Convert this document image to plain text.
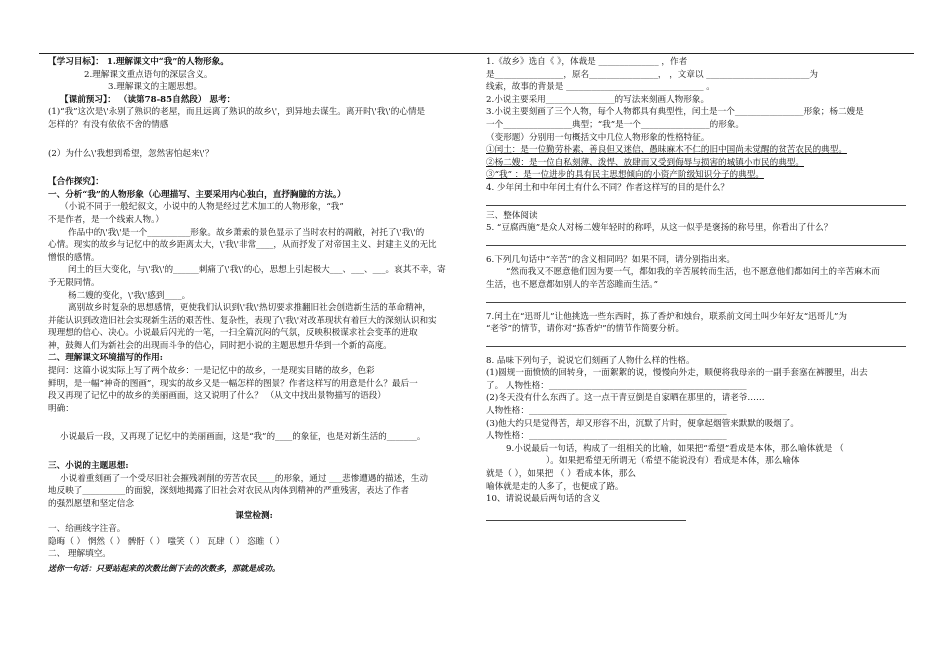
【学习目标】： 1.理解课文中“我”的人物形象。
2.理解课文重点语句的深层含义。
3.理解课文的主题思想。
【课前预习】： （读第78-85自然段） 思考：
(1)“我”这次是\'永别了熟识的老屋，而且远离了熟识的故乡\'，到异地去谋生。离开时\'我\'的心情是
怎样的？有没有依依不舍的情感
(2）为什么\'我想到希望，忽然害怕起来\'？
【合作探究】：
一、分析“我”的人物形象（心理描写、主要采用内心独白，直抒胸臆的方法。）
（小说不同于一般纪叙文，小说中的人物是经过艺术加工的人物形象，“我”
不是作者，是一个线索人物。）
作品中的\'我\'是一个__________形象。故乡萧索的景色显示了当时农村的凋敝，衬托了\'我\'的
心情。现实的故乡与记忆中的故乡距离太大，\'我\'非常____，从而抒发了对帝国主义、封建主义的无比
憎恨的感情。
闰土的巨大变化，与\'我\'的______刺痛了\'我\'的心，思想上引起极大___、___、___。哀其不幸，寄
予无限同情。
杨二嫂的变化，\'我\'感到____。
离别故乡时复杂的思想感情，更使我们认识到\'我\'热切要求推翻旧社会创造新生活的革命精神，
并能认识到改造旧社会实现新生活的艰苦性、复杂性，表现了\'我\'对改革现状有着巨大的深刻认识和实
现理想的信心、决心。小说最后闪光的一笔，一扫全篇沉闷的气氛，反映积极谋求社会变革的进取
神，鼓舞人们为新社会的出现而斗争的信心，同时把小说的主题思想升华到一个新的高度。
二、理解课文环境描写的作用:
提问：这篇小说实际上写了两个故乡：一是记忆中的故乡，一是现实目睹的故乡，色彩
鲜明，是一幅“神奇的图画”，现实的故乡又是一幅怎样的图景？作者这样写的用意是什么？最后一
段又再现了记忆中的故乡的美丽画面，这又说明了什么？ （从文中找出景物描写的语段）
明确：
小说最后一段，又再现了记忆中的美丽画面，这是“我”的____的象征，也是对新生活的_______。
三、小说的主题思想:
小说着重刻画了一个受尽旧社会摧残剥削的劳苦农民____的形象，通过 ___悲惨遭遇的描述，生动
地反映了__________的面貌，深刻地揭露了旧社会对农民从肉体到精神的严重残害，表达了作者
的强烈愿望和坚定信念
课堂检测:
一、给画线字注音。
隐晦（ ） 惘然（ ） 髀骬（ ） 嗤笑（ ） 瓦肆（ ） 恣睢（ ）
二、 理解填空。
送你一句话：只要站起来的次数比倒下去的次数多，那就是成功。
1.《故乡》选自《 》，体裁是 ______________ ，作者
是________________，原名________________， ，文章以 ________________________为
线索，故事的背景是 ________________________________ 。
2.小说主要采用________________的写法来刻画人物形象。
3.小说主要刻画了三个人物，每个人物都具有典型性，闰土是一个________________形象；杨二嫂是
一个________________典型；“我”是一个________________的形象。
（变形题）分别用一句概括文中几位人物形象的性格特征。
①闰土：是一位勤劳朴素、善良但又迷信、愚昧麻木不仁的旧中国尚未觉醒的贫苦农民的典型。
②杨二嫂：是一位自私刻薄、泼悍、放肆而又受到侮辱与损害的城镇小市民的典型。
③“我” ：是一位进步的具有民主思想倾向的小资产阶级知识分子的典型。
4. 少年闰土和中年闰土有什么不同？作者这样写的目的是什么？
三、整体阅读
5. “豆腐西施”是众人对杨二嫂年轻时的称呼，从这一似乎是褒扬的称号里，你看出了什么？
6.下列几句话中“辛苦”的含义相同吗？如果不同，请分别指出来。
“然而我又不愿意他们因为要一气，都如我的辛苦展转而生活，也不愿意他们都如闰土的辛苦麻木而
生活，也不愿意都如别人的辛苦恣睢而生活。”
7.闰土在“迅哥儿”让他挑选一些东西时，拣了香炉和烛台，联系前文闰土叫少年好友“迅哥儿”为
“老爷”的情节，请你对“拣香炉”的情节作简要分析。
8. 品味下列句子，说说它们刻画了人物什么样的性格。
(1)圆规一面愤愤的回转身，一面絮絮的说，慢慢向外走，顺便将我母亲的一副手套塞在裤腰里，出去
了。 人物性格：______________________________________________
(2)冬天没有什么东西了。这一点干青豆倒是自家晒在那里的，请老爷……
人物性格：______________________________________________
(3)他大约只是觉得苦，却又形容不出，沉默了片时，便拿起烟管来默默的吸烟了。
人物性格：______________________________________________
9.小说最后一句话，构成了一组相关的比喻，如果把“希望”看成是本体，那么喻体就是 （
）。如果把希望无所谓无（希望不能说没有）看成是本体，那么喻体
就是（ ），如果把 （ ）看成本体，那么
喻体就是走的人多了，也便成了路。
10、请说说最后两句话的含义
